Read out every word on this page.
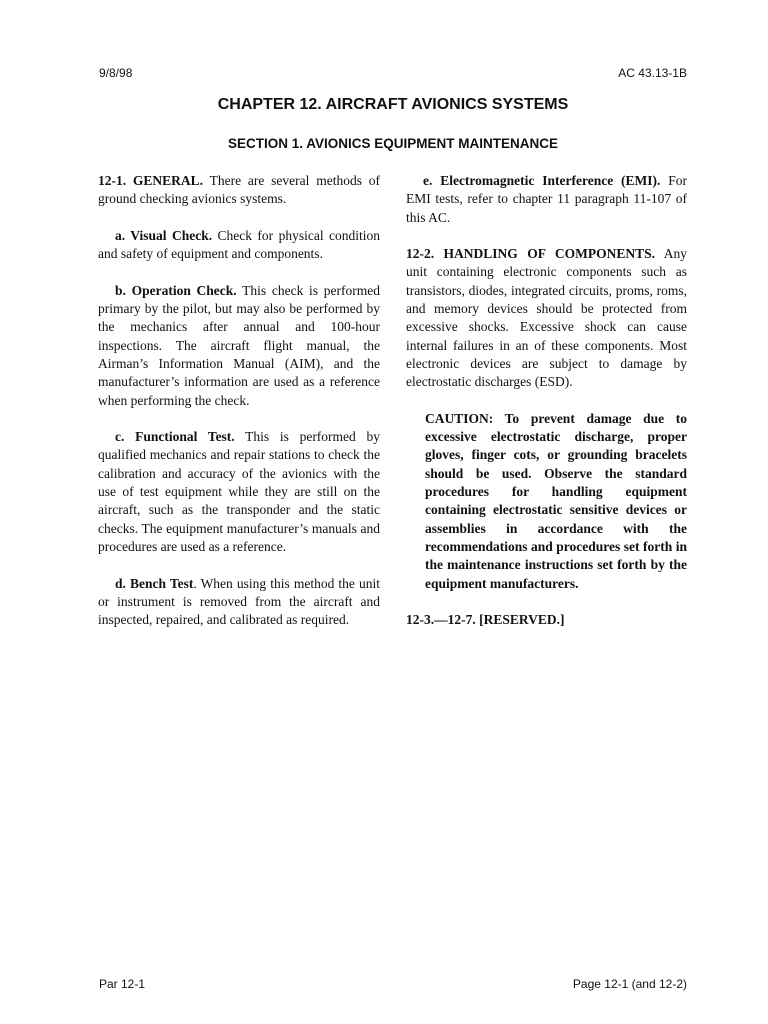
9/8/98	AC 43.13-1B
CHAPTER 12. AIRCRAFT AVIONICS SYSTEMS
SECTION 1. AVIONICS EQUIPMENT MAINTENANCE

12-1. GENERAL. There are several methods of ground checking avionics systems.

a. Visual Check. Check for physical condition and safety of equipment and components.

b. Operation Check. This check is performed primary by the pilot, but may also be performed by the mechanics after annual and 100-hour inspections. The aircraft flight manual, the Airman’s Information Manual (AIM), and the manufacturer’s information are used as a reference when performing the check.

c. Functional Test. This is performed by qualified mechanics and repair stations to check the calibration and accuracy of the avionics with the use of test equipment while they are still on the aircraft, such as the transponder and the static checks. The equipment manufacturer’s manuals and procedures are used as a reference.

d. Bench Test. When using this method the unit or instrument is removed from the aircraft and inspected, repaired, and calibrated as required.

e. Electromagnetic Interference (EMI). For EMI tests, refer to chapter 11 paragraph 11-107 of this AC.

12-2. HANDLING OF COMPONENTS. Any unit containing electronic components such as transistors, diodes, integrated circuits, proms, roms, and memory devices should be protected from excessive shocks. Excessive shock can cause internal failures in an of these components. Most electronic devices are subject to damage by electrostatic discharges (ESD).

CAUTION: To prevent damage due to excessive electrostatic discharge, proper gloves, finger cots, or grounding bracelets should be used. Observe the standard procedures for handling equipment containing electrostatic sensitive devices or assemblies in accordance with the recommendations and procedures set forth in the maintenance instructions set forth by the equipment manufacturers.
12-3.—12-7. [RESERVED.]
Par 12-1	Page 12-1 (and 12-2)
